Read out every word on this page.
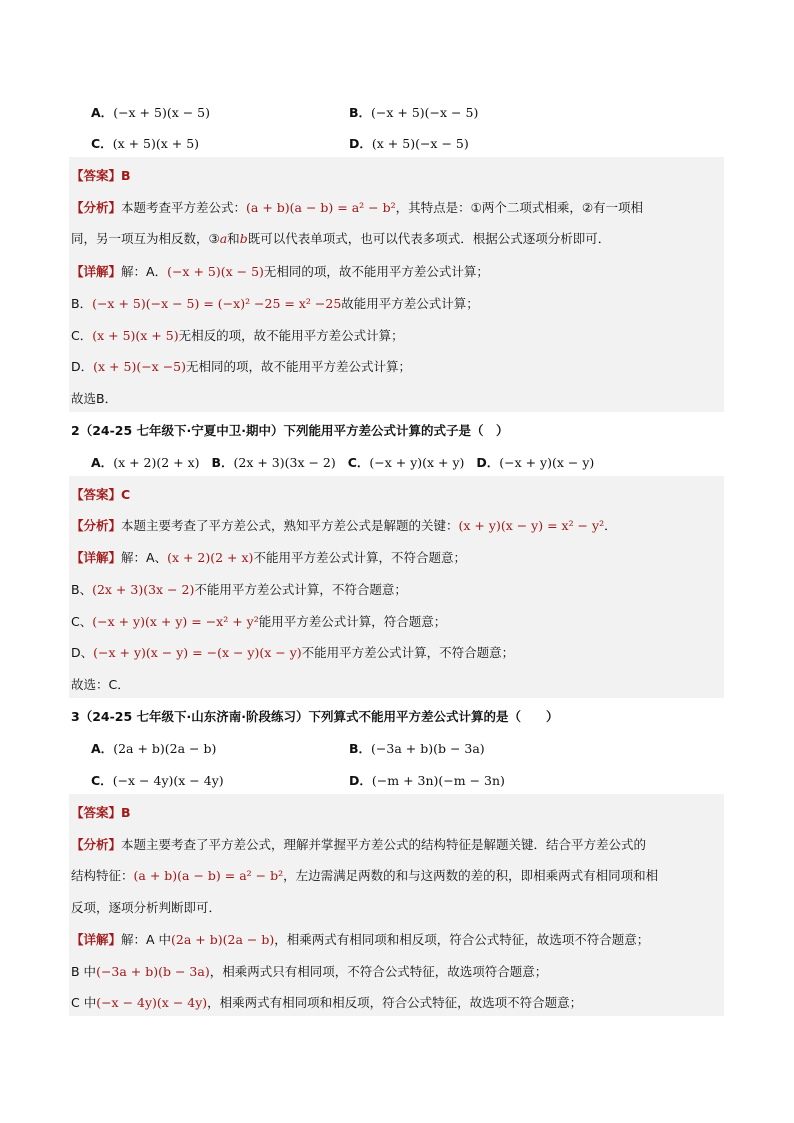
A．(−x + 5)(x − 5)	B．(−x + 5)(−x − 5)
C．(x + 5)(x + 5)	D．(x + 5)(−x − 5)
【答案】B
【分析】本题考查平方差公式：(a + b)(a − b) = a² − b²，其特点是：①两个二项式相乘，②有一项相
同，另一项互为相反数，③a和b既可以代表单项式，也可以代表多项式．根据公式逐项分析即可．
【详解】解：A．(−x + 5)(x − 5)无相同的项，故不能用平方差公式计算；
B．(−x + 5)(−x − 5) = (−x)² −25 = x² −25故能用平方差公式计算；
C．(x + 5)(x + 5)无相反的项，故不能用平方差公式计算；
D．(x + 5)(−x −5)无相同的项，故不能用平方差公式计算；
故选B．
2（24-25 七年级下·宁夏中卫·期中）下列能用平方差公式计算的式子是（　）
A．(x + 2)(2 + x) B．(2x + 3)(3x − 2) C．(−x + y)(x + y) D．(−x + y)(x − y)
【答案】C
【分析】本题主要考查了平方差公式，熟知平方差公式是解题的关键：(x + y)(x − y) = x² − y²．
【详解】解：A、(x + 2)(2 + x)不能用平方差公式计算，不符合题意；
B、(2x + 3)(3x − 2)不能用平方差公式计算，不符合题意；
C、(−x + y)(x + y) = −x² + y²能用平方差公式计算，符合题意；
D、(−x + y)(x − y) = −(x − y)(x − y)不能用平方差公式计算，不符合题意；
故选：C．
3（24-25 七年级下·山东济南·阶段练习）下列算式不能用平方差公式计算的是（　　）
A．(2a + b)(2a − b)	B．(−3a + b)(b − 3a)
C．(−x − 4y)(x − 4y)	D．(−m + 3n)(−m − 3n)
【答案】B
【分析】本题主要考查了平方差公式，理解并掌握平方差公式的结构特征是解题关键．结合平方差公式的
结构特征：(a + b)(a − b) = a² − b²，左边需满足两数的和与这两数的差的积，即相乘两式有相同项和相
反项，逐项分析判断即可．
【详解】解：A 中(2a + b)(2a − b)，相乘两式有相同项和相反项，符合公式特征，故选项不符合题意；
B 中(−3a + b)(b − 3a)，相乘两式只有相同项，不符合公式特征，故选项符合题意；
C 中(−x − 4y)(x − 4y)，相乘两式有相同项和相反项，符合公式特征，故选项不符合题意；
